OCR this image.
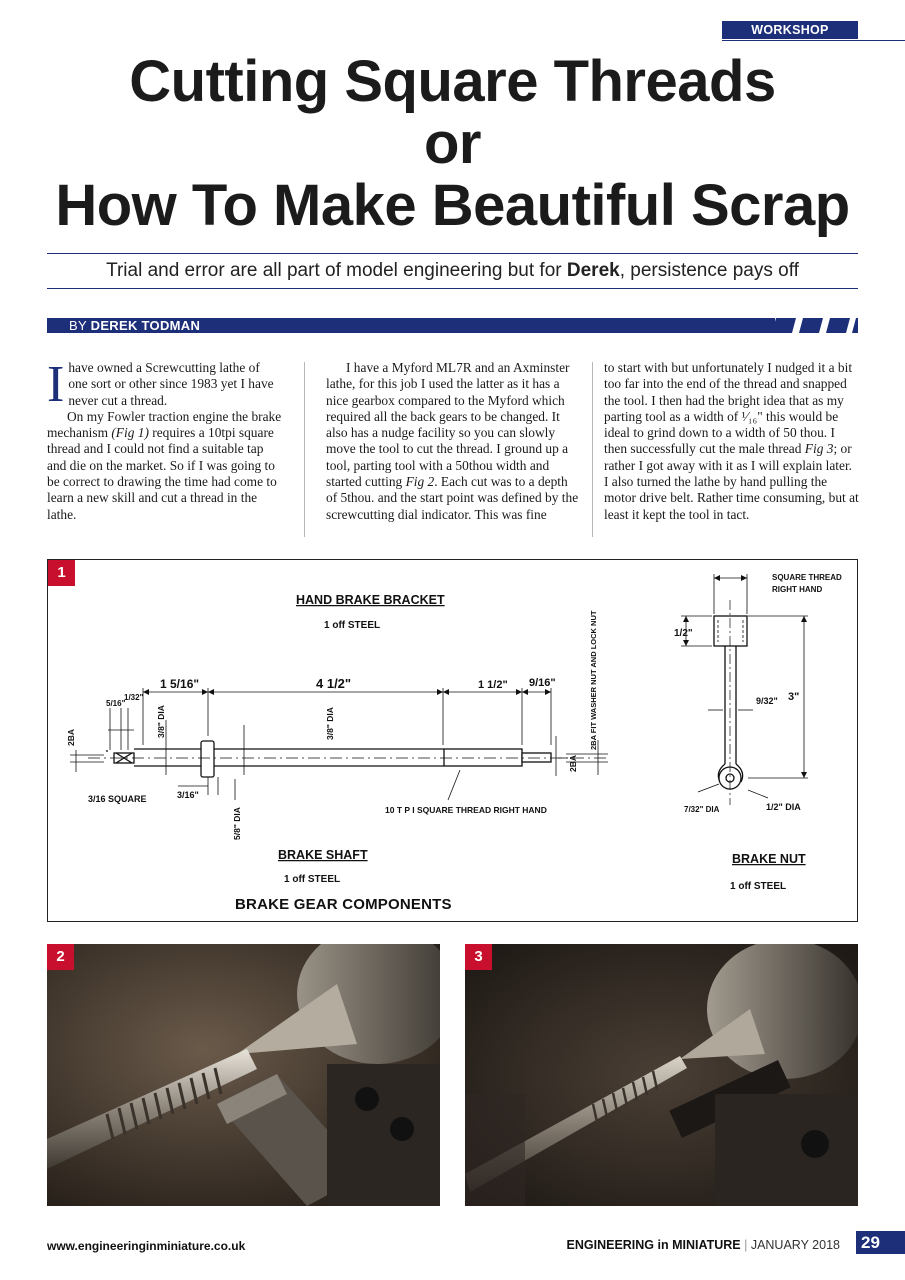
WORKSHOP
Cutting Square Threads
or
How To Make Beautiful Scrap
Trial and error are all part of model engineering but for Derek, persistence pays off
BY DEREK TODMAN

Ihave owned a Screwcutting lathe of one sort or other since 1983 yet I have never cut a thread.

On my Fowler traction engine the brake mechanism (Fig 1) requires a 10tpi square thread and I could not find a suitable tap and die on the market. So if I was going to be correct to drawing the time had come to learn a new skill and cut a thread in the lathe.

I have a Myford ML7R and an Axminster lathe, for this job I used the latter as it has a nice gearbox compared to the Myford which required all the back gears to be changed. It also has a nudge facility so you can slowly move the tool to cut the thread. I ground up a tool, parting tool with a 50thou width and started cutting Fig 2. Each cut was to a depth of 5thou. and the start point was defined by the screwcutting dial indicator. This was fine

to start with but unfortunately I nudged it a bit too far into the end of the thread and snapped the tool. I then had the bright idea that as my parting tool as a width of ¹⁄₁₆" this would be ideal to grind down to a width of 50 thou. I then successfully cut the male thread Fig 3; or rather I got away with it as I will explain later. I also turned the lathe by hand pulling the motor drive belt. Rather time consuming, but at least it kept the tool in tact.

HAND BRAKE BRACKET
1 off STEEL
BRAKE SHAFT
1 off STEEL
BRAKE NUT
1 off STEEL
10 T P I SQUARE THREAD RIGHT HAND
3/16 SQUARE
SQUARE THREAD
RIGHT HAND
1 5/16"	4 1/2"	1 1/2" 9/16"
5/16"
1/32"
3/16"
7/32" DIA	1/2" DIA
1/2"
3"
9/32"
3/8" DIA	3/8" DIA
5/8" DIA
2BA
2BA
2BA FIT WASHER NUT AND LOCK NUT
1
BRAKE GEAR COMPONENTS
2	3
www.engineeringinminiature.co.uk	ENGINEERING in MINIATURE | JANUARY 2018 29
